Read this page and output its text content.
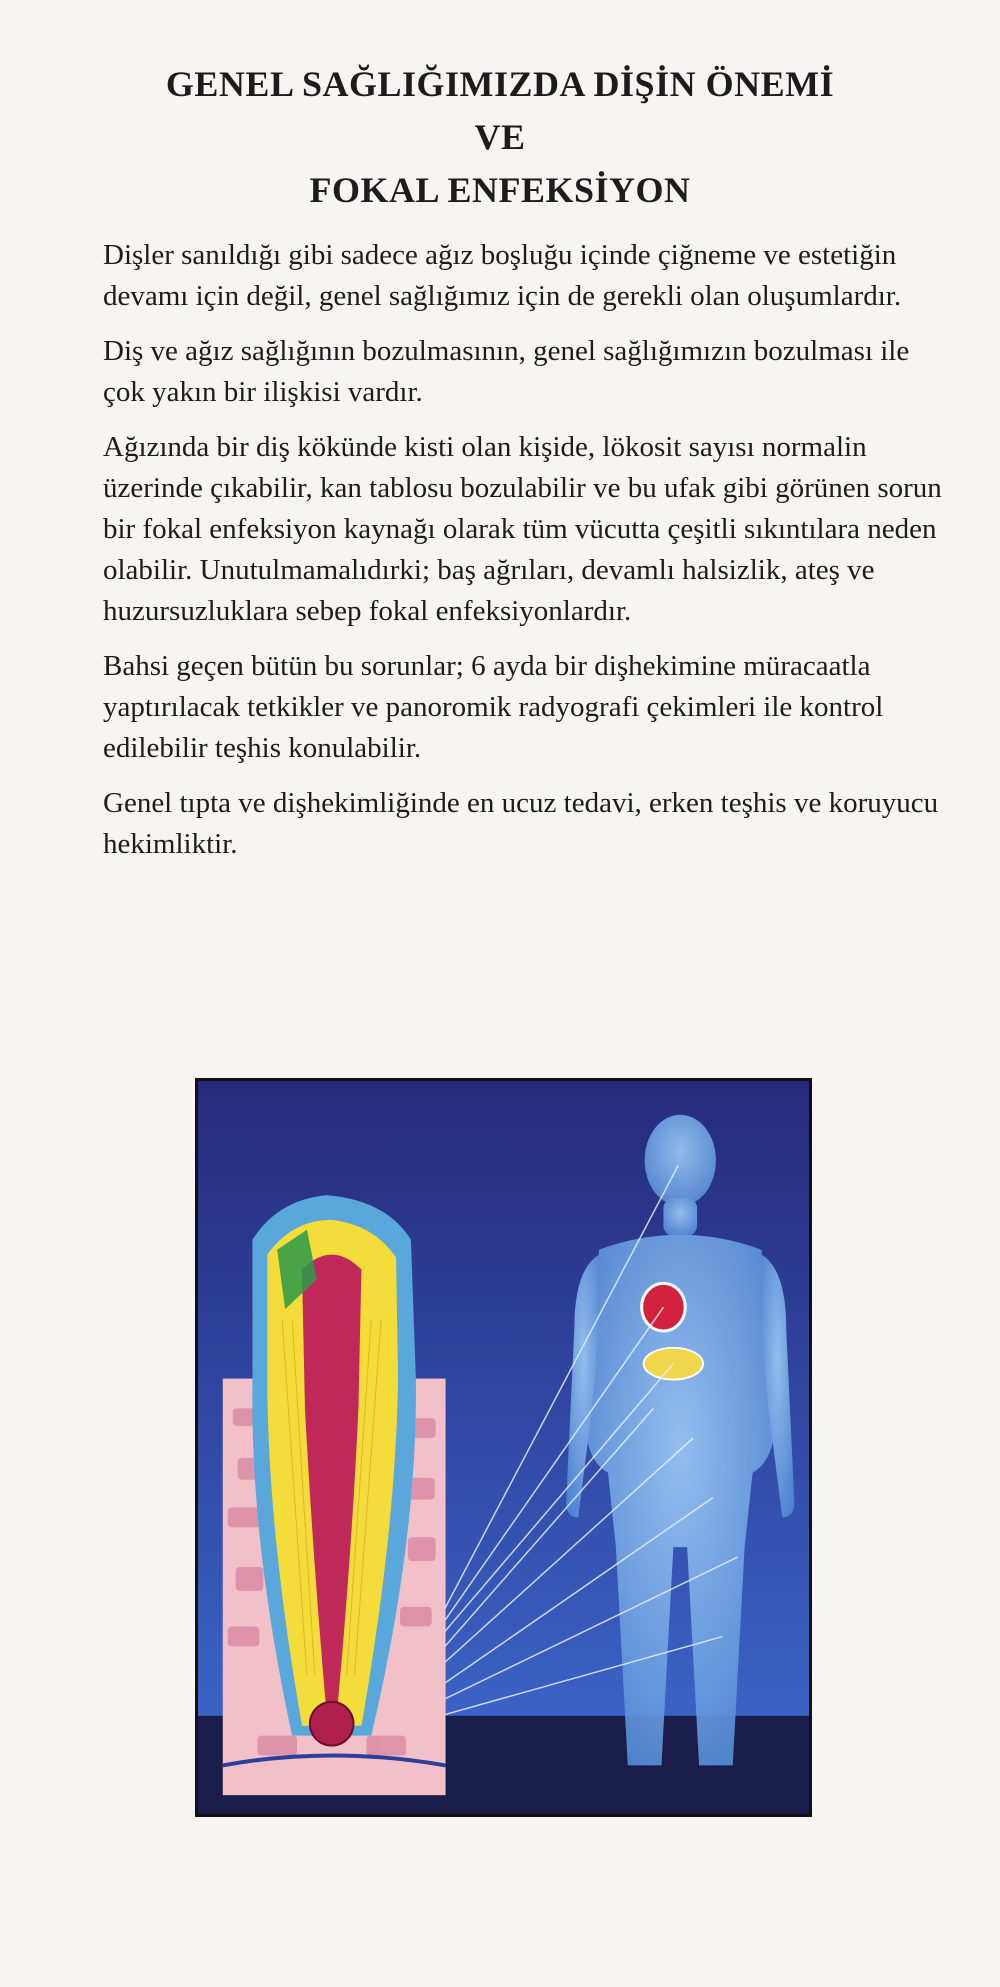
GENEL SAĞLIĞIMIZDA DİŞİN ÖNEMİ
VE
FOKAL ENFEKSİYON

Dişler sanıldığı gibi sadece ağız boşluğu içinde çiğneme ve estetiğin devamı için değil, genel sağlığımız için de gerekli olan oluşumlardır.

Diş ve ağız sağlığının bozulmasının, genel sağlığımızın bozulması ile çok yakın bir ilişkisi vardır.

Ağızında bir diş kökünde kisti olan kişide, lökosit sayısı normalin üzerinde çıkabilir, kan tablosu bozulabilir ve bu ufak gibi görünen sorun bir fokal enfeksiyon kaynağı olarak tüm vücutta çeşitli sıkıntılara neden olabilir. Unutulmamalıdırki; baş ağrıları, devamlı halsizlik, ateş ve huzursuzluklara sebep fokal enfeksiyonlardır.

Bahsi geçen bütün bu sorunlar; 6 ayda bir dişhekimine müracaatla yaptırılacak tetkikler ve panoromik radyografi çekimleri ile kontrol edilebilir teşhis konulabilir.

Genel tıpta ve dişhekimliğinde en ucuz tedavi, erken teşhis ve koruyucu hekimliktir.
